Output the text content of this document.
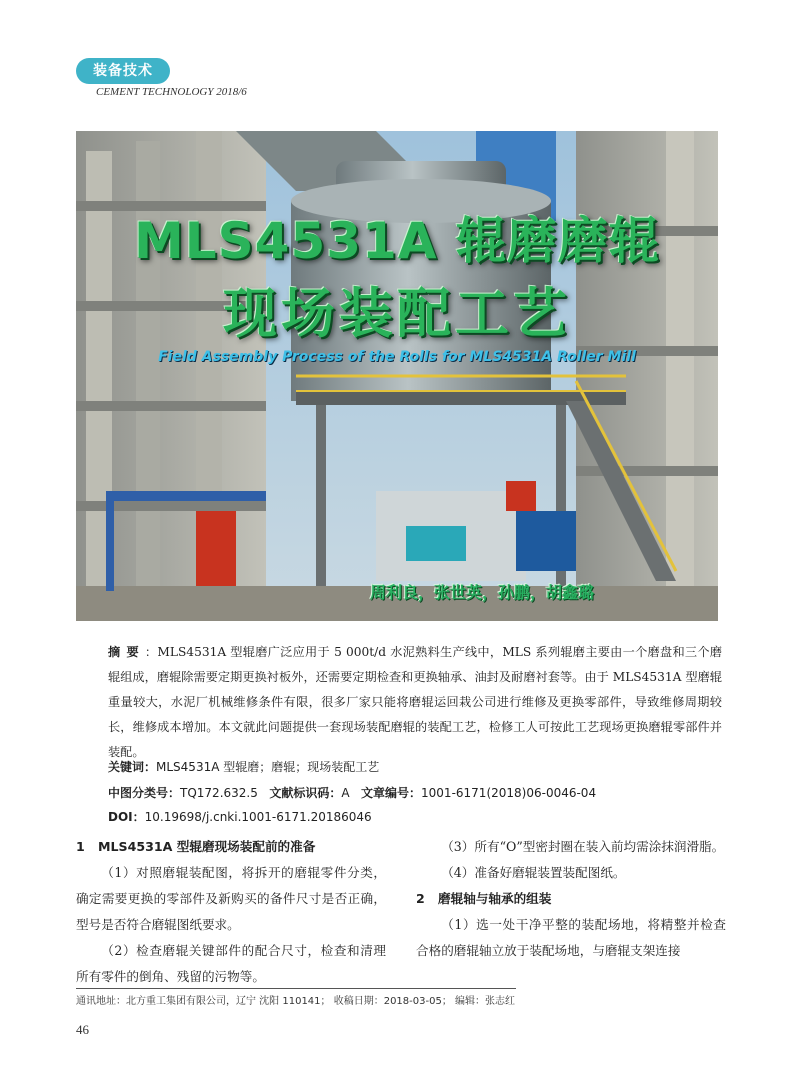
装备技术
CEMENT TECHNOLOGY 2018/6
MLS4531A 辊磨磨辊
现场装配工艺
Field Assembly Process of the Rolls for MLS4531A Roller Mill
周利良，张世英，孙鹏，胡鑫璐
摘要：MLS4531A 型辊磨广泛应用于 5 000t/d 水泥熟料生产线中，MLS 系列辊磨主要由一个磨盘和三个磨辊组成，磨辊除需要定期更换衬板外，还需要定期检查和更换轴承、油封及耐磨衬套等。由于 MLS4531A 型磨辊重量较大，水泥厂机械维修条件有限，很多厂家只能将磨辊运回栽公司进行维修及更换零部件，导致维修周期较长，维修成本增加。本文就此问题提供一套现场装配磨辊的装配工艺，检修工人可按此工艺现场更换磨辊零部件并装配。
关键词：MLS4531A 型辊磨；磨辊；现场装配工艺
中图分类号：TQ172.632.5 文献标识码：A 文章编号：1001-6171(2018)06-0046-04
DOI：10.19698/j.cnki.1001-6171.20186046

1 MLS4531A 型辊磨现场装配前的准备

（1）对照磨辊装配图，将拆开的磨辊零件分类，确定需要更换的零部件及新购买的备件尺寸是否正确，型号是否符合磨辊图纸要求。

（2）检查磨辊关键部件的配合尺寸，检查和清理所有零件的倒角、残留的污物等。

（3）所有“O”型密封圈在装入前均需涂抹润滑脂。

（4）准备好磨辊装置装配图纸。

2 磨辊轴与轴承的组装

（1）选一处干净平整的装配场地，将精整并检查合格的磨辊轴立放于装配场地，与磨辊支架连接

通讯地址：北方重工集团有限公司，辽宁 沈阳 110141； 收稿日期：2018-03-05； 编辑：张志红
46
